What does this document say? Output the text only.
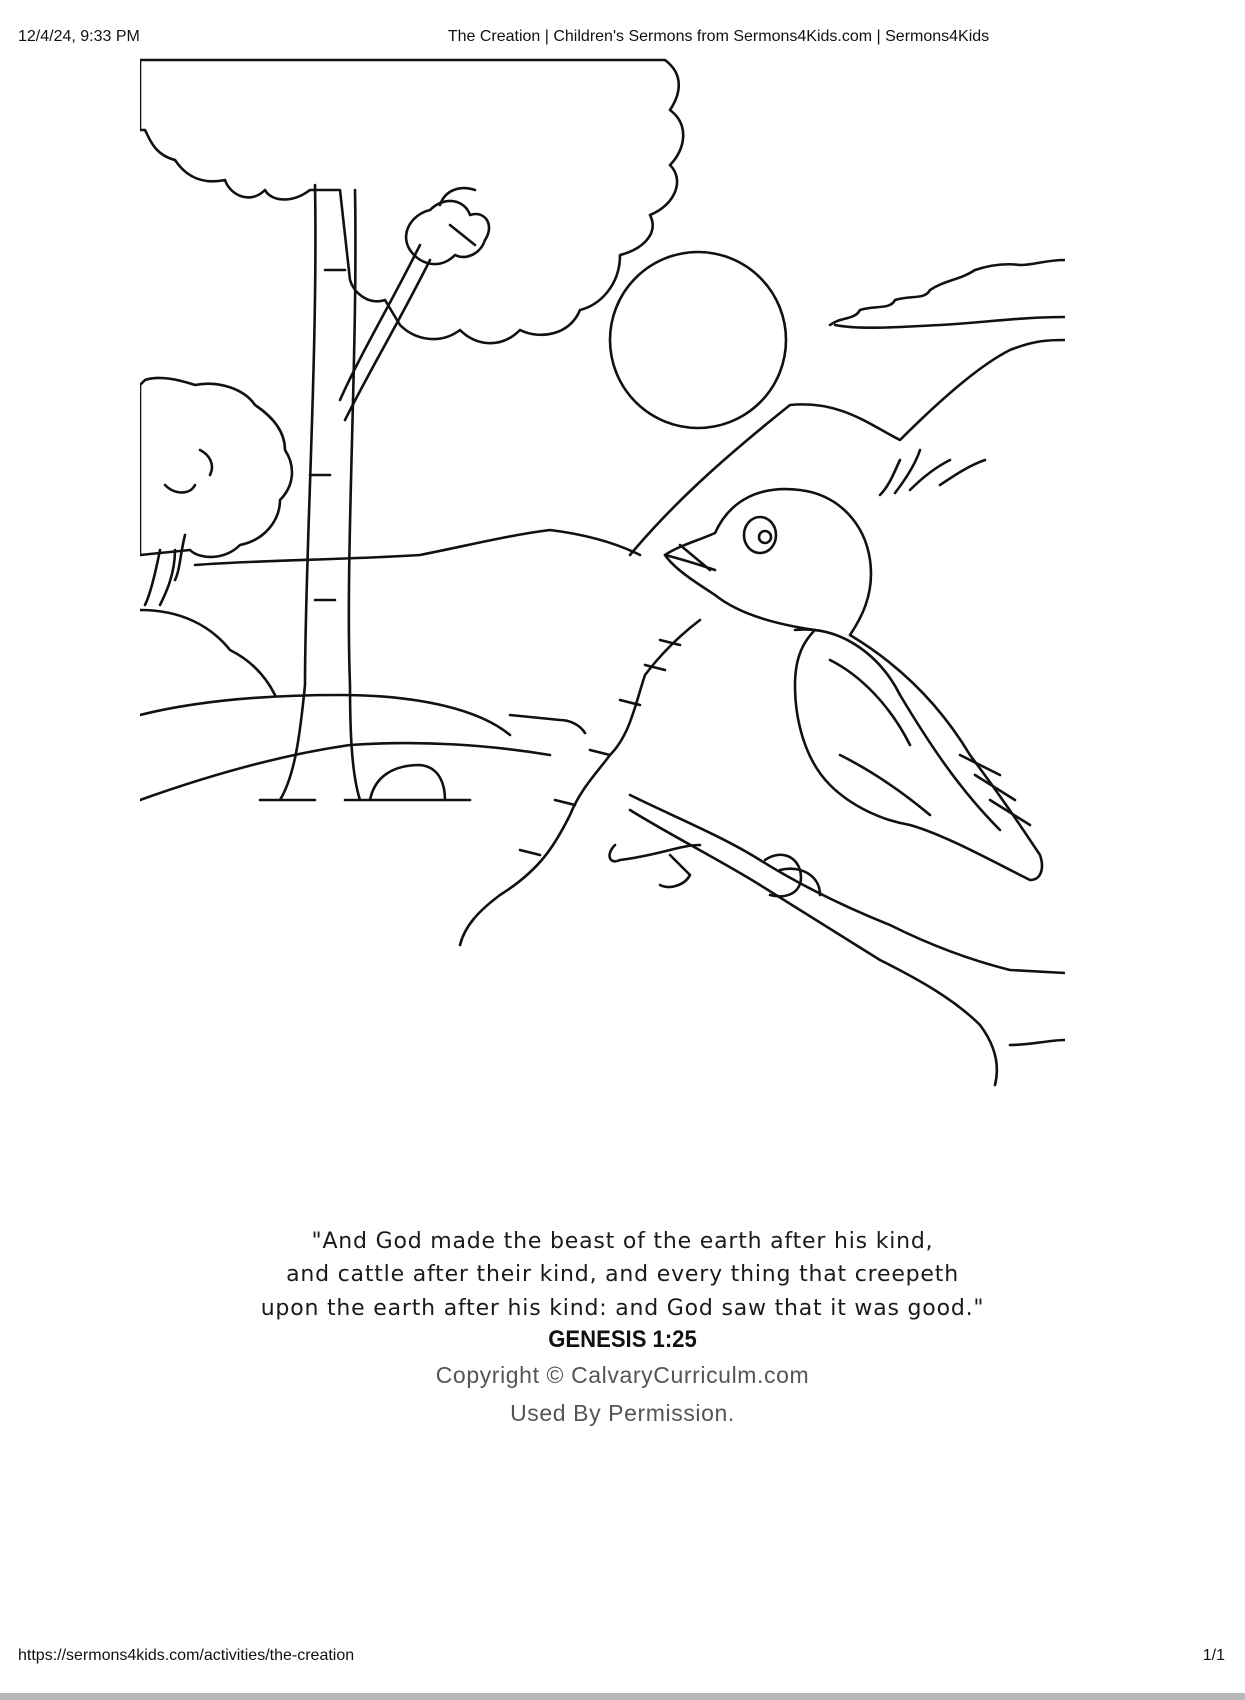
12/4/24, 9:33 PM	The Creation | Children's Sermons from Sermons4Kids.com | Sermons4Kids
"And God made the beast of the earth after his kind,
and cattle after their kind, and every thing that creepeth
upon the earth after his kind: and God saw that it was good."
GENESIS 1:25
Copyright © CalvaryCurriculm.com
Used By Permission.
https://sermons4kids.com/activities/the-creation	1/1
